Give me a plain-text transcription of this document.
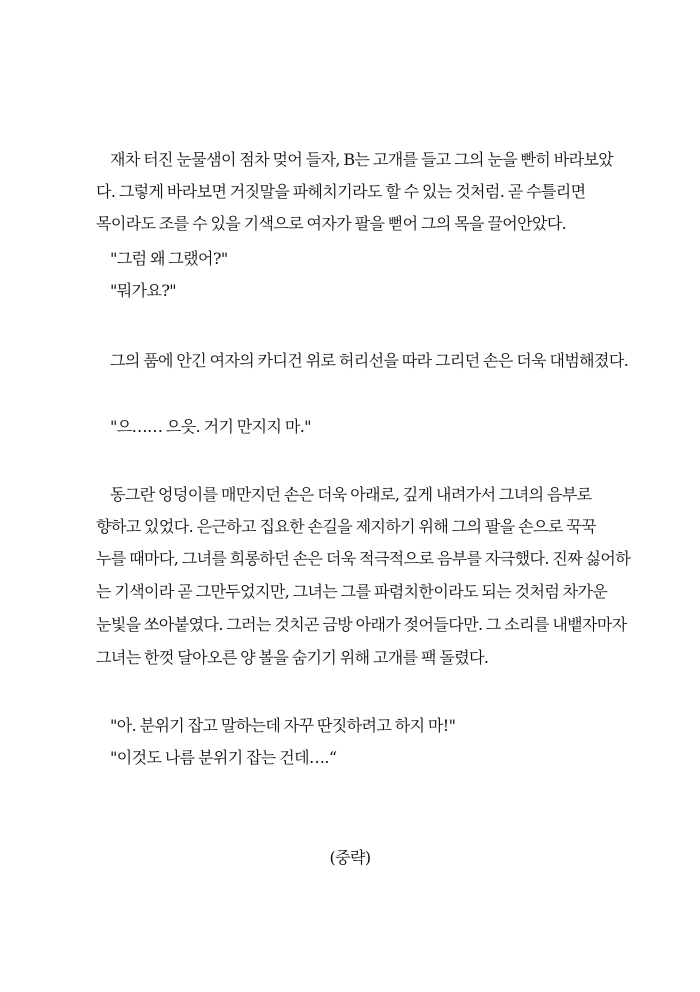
재차 터진 눈물샘이 점차 멎어 들자, B는 고개를 들고 그의 눈을 빤히 바라보았
다. 그렇게 바라보면 거짓말을 파헤치기라도 할 수 있는 것처럼. 곧 수틀리면
목이라도 조를 수 있을 기색으로 여자가 팔을 뻗어 그의 목을 끌어안았다.
"그럼 왜 그랬어?"
"뭐가요?"
그의 품에 안긴 여자의 카디건 위로 허리선을 따라 그리던 손은 더욱 대범해졌다.
"으…… 으읏. 거기 만지지 마."
동그란 엉덩이를 매만지던 손은 더욱 아래로, 깊게 내려가서 그녀의 음부로
향하고 있었다. 은근하고 집요한 손길을 제지하기 위해 그의 팔을 손으로 꾹꾹
누를 때마다, 그녀를 희롱하던 손은 더욱 적극적으로 음부를 자극했다. 진짜 싫어하
는 기색이라 곧 그만두었지만, 그녀는 그를 파렴치한이라도 되는 것처럼 차가운
눈빛을 쏘아붙였다. 그러는 것치곤 금방 아래가 젖어들다만. 그 소리를 내뱉자마자
그녀는 한껏 달아오른 양 볼을 숨기기 위해 고개를 팩 돌렸다.
"아. 분위기 잡고 말하는데 자꾸 딴짓하려고 하지 마!"
"이것도 나름 분위기 잡는 건데….“
(중략)
